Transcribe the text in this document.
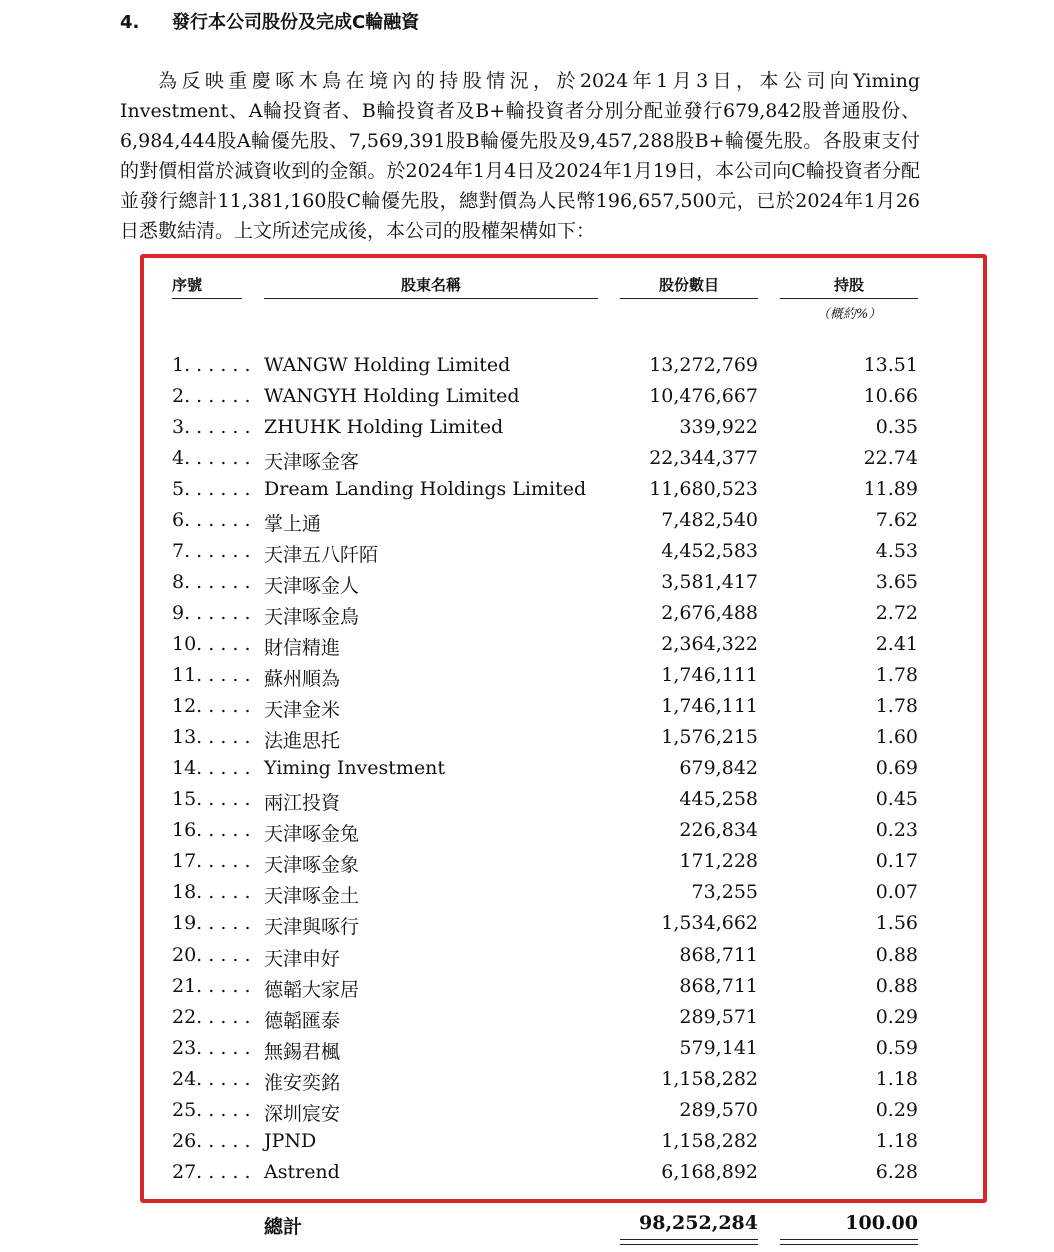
4. 發行本公司股份及完成C輪融資

為反映重慶啄木鳥在境內的持股情況，於2024年1月3日，本公司向Yiming Investment、A輪投資者、B輪投資者及B+輪投資者分別分配並發行679,842股普通股份、6,984,444股A輪優先股、7,569,391股B輪優先股及9,457,288股B+輪優先股。各股東支付的對價相當於減資收到的金額。於2024年1月4日及2024年1月19日，本公司向C輪投資者分配並發行總計11,381,160股C輪優先股，總對價為人民幣196,657,500元，已於2024年1月26日悉數結清。上文所述完成後，本公司的股權架構如下：

序號	股東名稱	股份數目	持股
（概約%）
1. . . . . . WANGW Holding Limited	13,272,769	13.51
2. . . . . . WANGYH Holding Limited	10,476,667	10.66
3. . . . . . ZHUHK Holding Limited	339,922	0.35
4. . . . . . 天津啄金客	22,344,377	22.74
5. . . . . . Dream Landing Holdings Limited	11,680,523	11.89
6. . . . . . 掌上通	7,482,540	7.62
7. . . . . . 天津五八阡陌	4,452,583	4.53
8. . . . . . 天津啄金人	3,581,417	3.65
9. . . . . . 天津啄金鳥	2,676,488	2.72
10. . . . . 財信精進	2,364,322	2.41
11. . . . . 蘇州順為	1,746,111	1.78
12. . . . . 天津金米	1,746,111	1.78
13. . . . . 法進思托	1,576,215	1.60
14. . . . . Yiming Investment	679,842	0.69
15. . . . . 兩江投資	445,258	0.45
16. . . . . 天津啄金兔	226,834	0.23
17. . . . . 天津啄金象	171,228	0.17
18. . . . . 天津啄金土	73,255	0.07
19. . . . . 天津與啄行	1,534,662	1.56
20. . . . . 天津申好	868,711	0.88
21. . . . . 德韜大家居	868,711	0.88
22. . . . . 德韜匯泰	289,571	0.29
23. . . . . 無錫君楓	579,141	0.59
24. . . . . 淮安奕銘	1,158,282	1.18
25. . . . . 深圳宸安	289,570	0.29
26. . . . . JPND	1,158,282	1.18
27. . . . . Astrend	6,168,892	6.28
總計	98,252,284	100.00
